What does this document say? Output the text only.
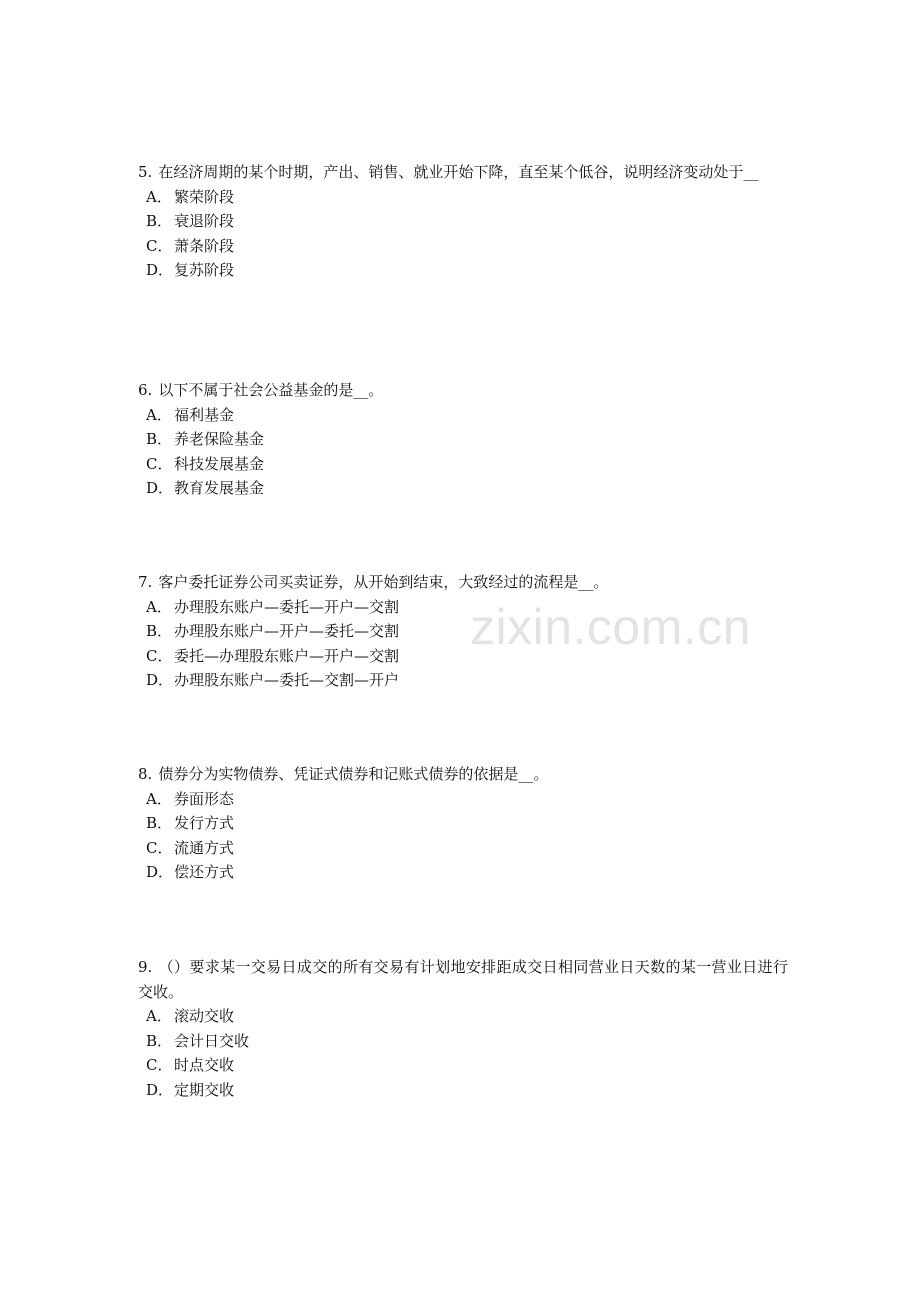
zixin.com.cn

5. 在经济周期的某个时期，产出、销售、就业开始下降，直至某个低谷，说明经济变动处于__

A． 繁荣阶段

B． 衰退阶段

C． 萧条阶段

D．复苏阶段

6. 以下不属于社会公益基金的是__。

A． 福利基金

B． 养老保险基金

C． 科技发展基金

D．教育发展基金

7. 客户委托证券公司买卖证券，从开始到结束，大致经过的流程是__。

A． 办理股东账户—委托—开户—交割

B． 办理股东账户—开户—委托—交割

C． 委托—办理股东账户—开户—交割

D．办理股东账户—委托—交割—开户

8. 债券分为实物债券、凭证式债券和记账式债券的依据是__。

A． 券面形态

B． 发行方式

C． 流通方式

D．偿还方式

9. （）要求某一交易日成交的所有交易有计划地安排距成交日相同营业日天数的某一营业日进行交收。

A． 滚动交收

B． 会计日交收

C． 时点交收

D．定期交收
